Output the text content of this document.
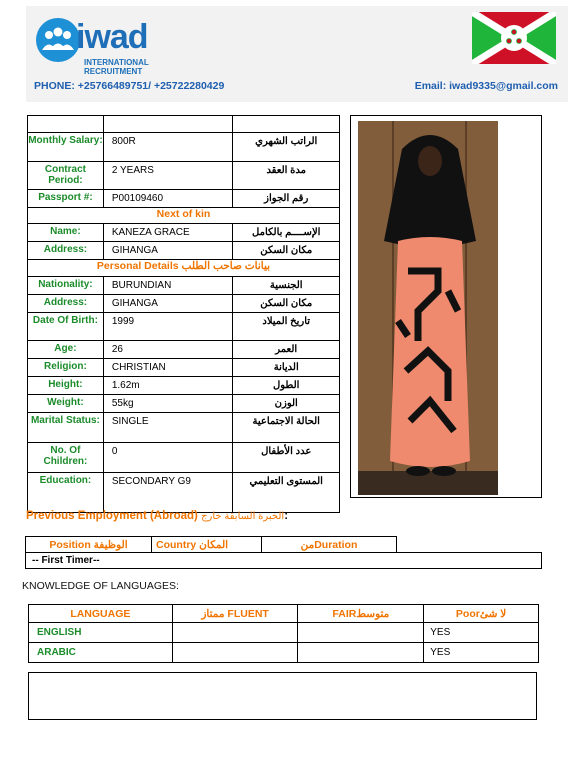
iwad
INTERNATIONAL
RECRUITMENT
PHONE: +25766489751/ +25722280429	Email: iwad9335@gmail.com

Monthly Salary:	800R	الراتب الشهري
Contract Period:	2 YEARS	مدة العقد
Passport #:	P00109460	رقم الجواز
Next of kin		
Name:	KANEZA GRACE	الإســــم بالكامل
Address:	GIHANGA	مكان السكن
Personal Details بيانات صاحب الطلب		
Nationality:	BURUNDIAN	الجنسية
Address:	GIHANGA	مكان السكن
Date Of Birth:	1999	تاريخ الميلاد
Age:	26	العمر
Religion:	CHRISTIAN	الديانة
Height:	1.62m	الطول
Weight:	55kg	الوزن
Marital Status:	SINGLE	الحالة الاجتماعية
No. Of Children:	0	عدد الأطفال
Education:	SECONDARY G9	المستوى التعليمي
Previous Employment (Abroad) الخبرة السابقة خارج:
Position الوظيفة	Country المكان	منDuration
-- First Timer--
KNOWLEDGE OF LANGUAGES:
LANGUAGE	ممتاز FLUENT	FAIRمتوسط	Poorلا شئ
ENGLISH			YES
ARABIC			YES
